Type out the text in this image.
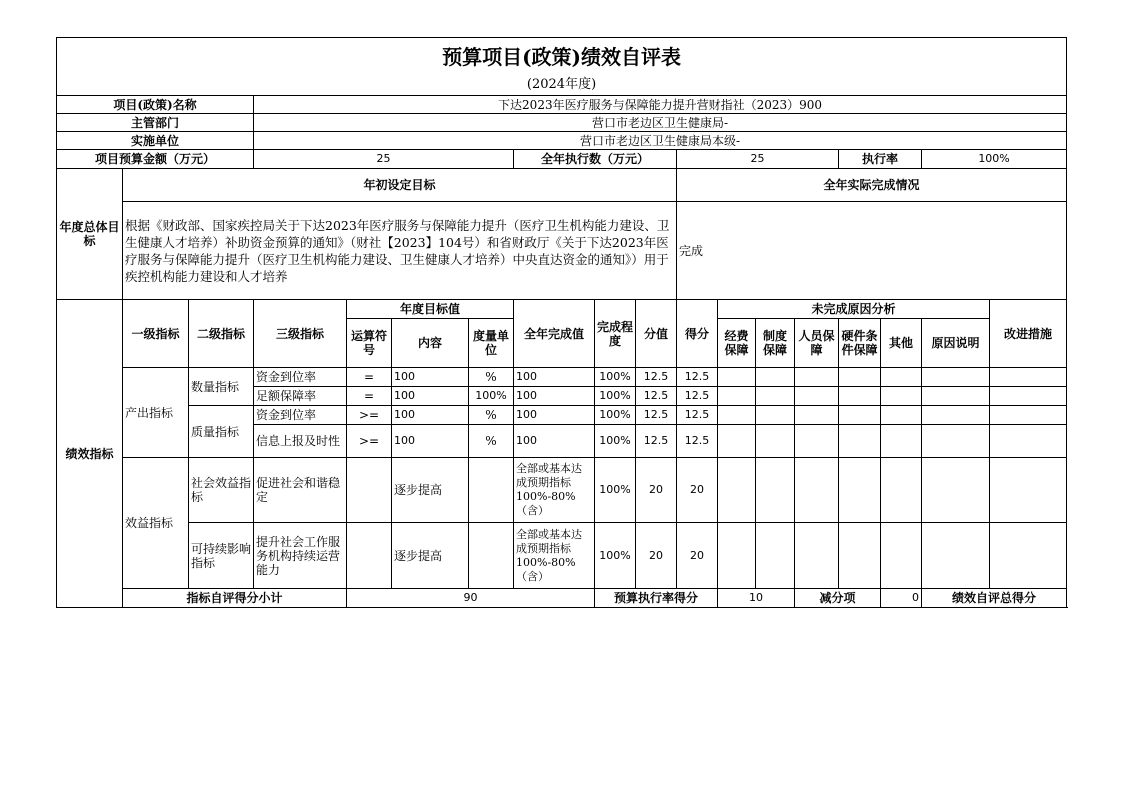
预算项目(政策)绩效自评表																		
(2024年度)																		
项目(政策)名称			下达2023年医疗服务与保障能力提升营财指社（2023）900															
主管部门			营口市老边区卫生健康局-															
实施单位			营口市老边区卫生健康局本级-															
项目预算金额（万元）			25				全年执行数（万元）			25				执行率		100%		
年度总体目标	年初设定目标									全年实际完成情况								
	根据《财政部、国家疾控局关于下达2023年医疗服务与保障能力提升（医疗卫生机构能力建设、卫生健康人才培养）补助资金预算的通知》（财社【2023】104号）和省财政厅《关于下达2023年医疗服务与保障能力提升（医疗卫生机构能力建设、卫生健康人才培养）中央直达资金的通知》）用于疾控机构能力建设和人才培养									完成								
绩效指标	一级指标	二级指标	三级指标	年度目标值			全年完成值	完成程度	分值	得分	未完成原因分析						改进措施	
				运算符号	内容	度量单位					经费保障	制度保障	人员保障	硬件条件保障	其他	原因说明		
	产出指标	数量指标	资金到位率	=	100	%	100	100%	12.5	12.5								
			足额保障率	=	100	100%	100	100%	12.5	12.5								
		质量指标	资金到位率	>=	100	%	100	100%	12.5	12.5								
			信息上报及时性	>=	100	%	100	100%	12.5	12.5								
	效益指标	社会效益指标	促进社会和谐稳定		逐步提高		全部或基本达成预期指标100%-80%（含）	100%	20	20								
		可持续影响指标	提升社会工作服务机构持续运营能力		逐步提高		全部或基本达成预期指标100%-80%（含）	100%	20	20								
	指标自评得分小计			90				预算执行率得分			10		减分项		0	绩效自评总得分	
